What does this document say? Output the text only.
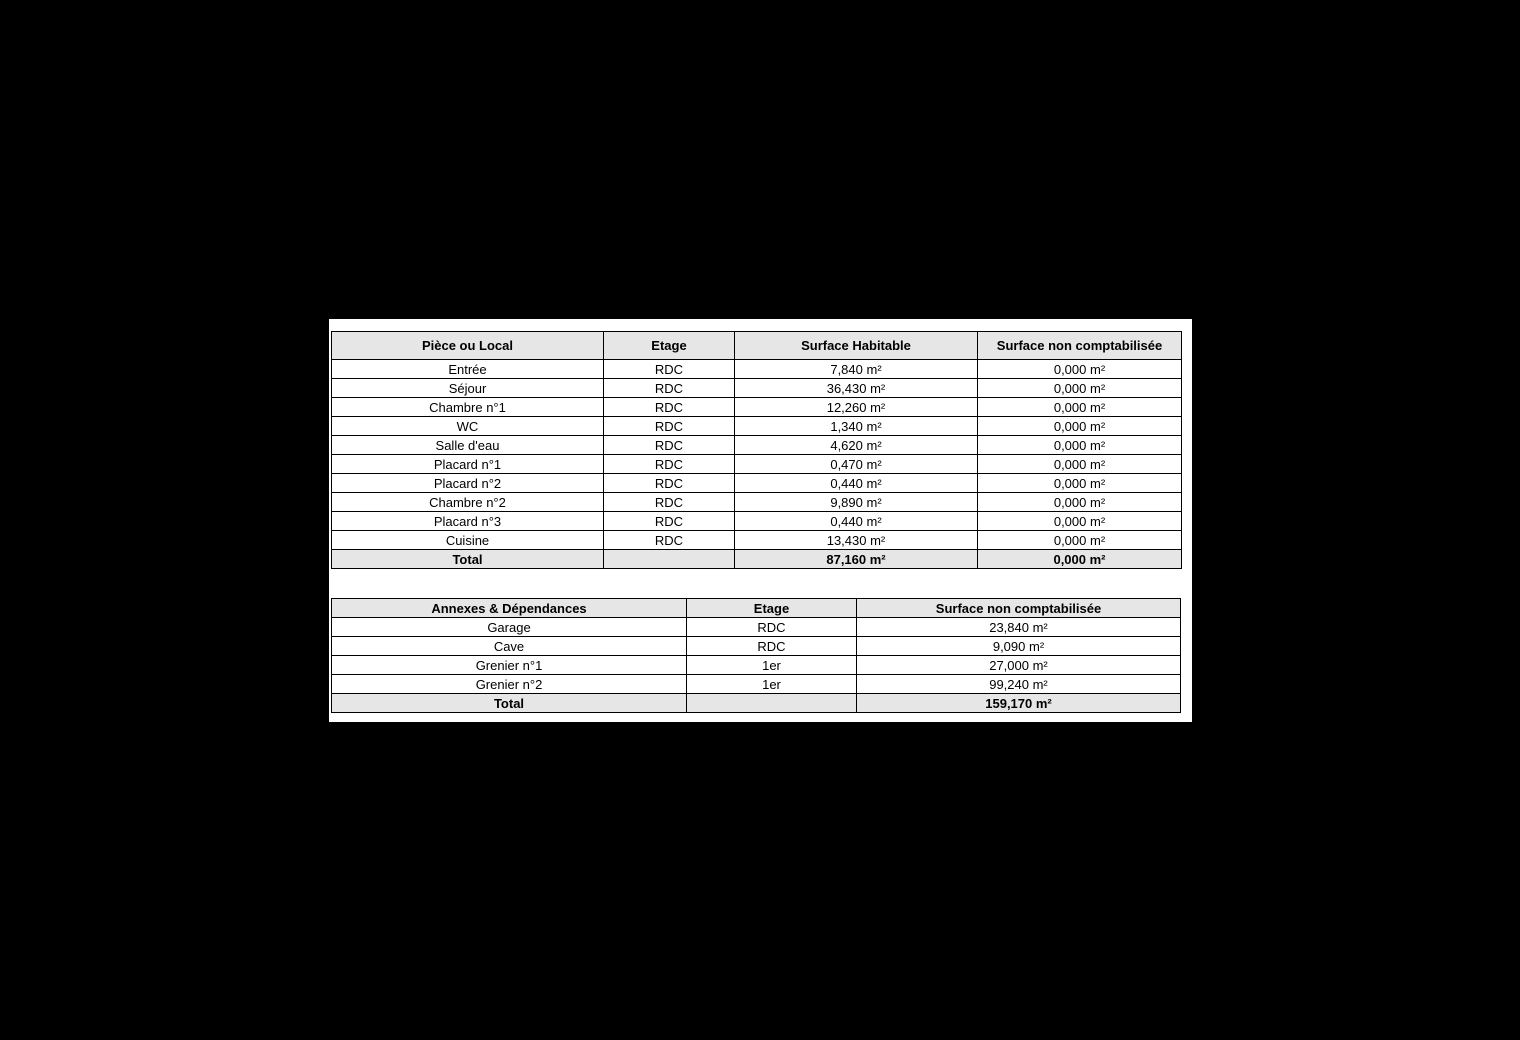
Pièce ou Local	Etage	Surface Habitable	Surface non comptabilisée
Entrée	RDC	7,840 m²	0,000 m²
Séjour	RDC	36,430 m²	0,000 m²
Chambre n°1	RDC	12,260 m²	0,000 m²
WC	RDC	1,340 m²	0,000 m²
Salle d'eau	RDC	4,620 m²	0,000 m²
Placard n°1	RDC	0,470 m²	0,000 m²
Placard n°2	RDC	0,440 m²	0,000 m²
Chambre n°2	RDC	9,890 m²	0,000 m²
Placard n°3	RDC	0,440 m²	0,000 m²
Cuisine	RDC	13,430 m²	0,000 m²
Total		87,160 m²	0,000 m²
Annexes & Dépendances	Etage	Surface non comptabilisée
Garage	RDC	23,840 m²
Cave	RDC	9,090 m²
Grenier n°1	1er	27,000 m²
Grenier n°2	1er	99,240 m²
Total		159,170 m²
